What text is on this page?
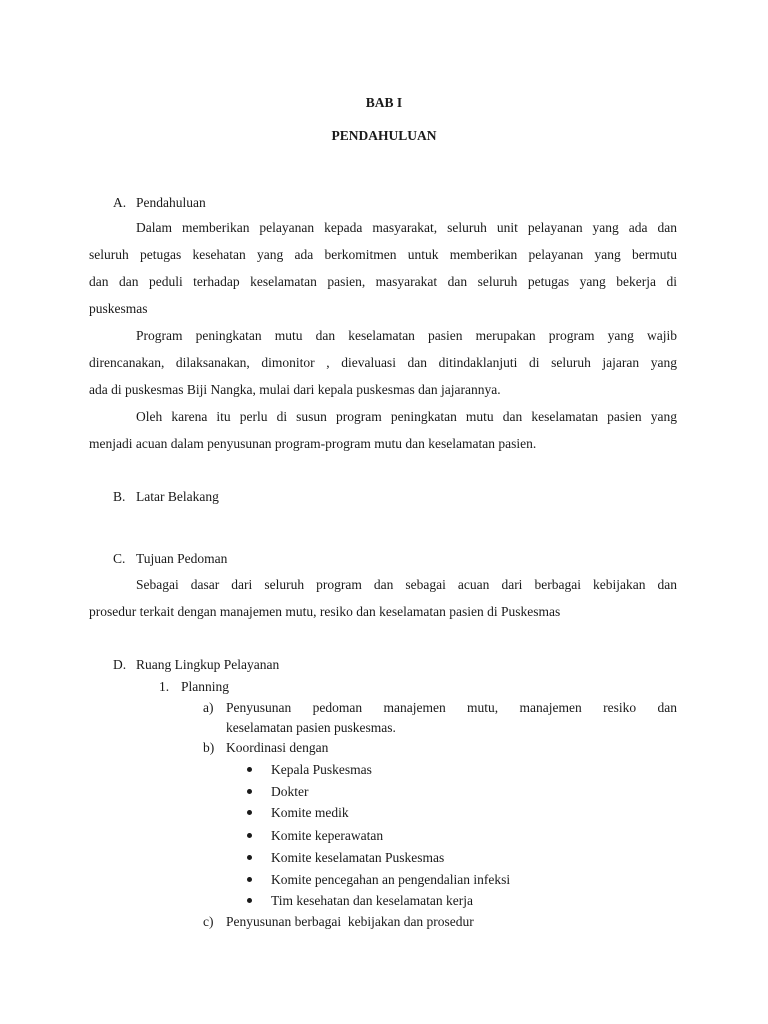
BAB I
PENDAHULUAN
A. Pendahuluan
Dalam memberikan pelayanan kepada masyarakat, seluruh unit pelayanan yang ada dan
seluruh petugas kesehatan yang ada berkomitmen untuk memberikan pelayanan yang bermutu
dan dan peduli terhadap keselamatan pasien, masyarakat dan seluruh petugas yang bekerja di
puskesmas
Program peningkatan mutu dan keselamatan pasien merupakan program yang wajib
direncanakan, dilaksanakan, dimonitor , dievaluasi dan ditindaklanjuti di seluruh jajaran yang
ada di puskesmas Biji Nangka, mulai dari kepala puskesmas dan jajarannya.
Oleh karena itu perlu di susun program peningkatan mutu dan keselamatan pasien yang
menjadi acuan dalam penyusunan program-program mutu dan keselamatan pasien.
B. Latar Belakang
C. Tujuan Pedoman
Sebagai dasar dari seluruh program dan sebagai acuan dari berbagai kebijakan dan
prosedur terkait dengan manajemen mutu, resiko dan keselamatan pasien di Puskesmas
D. Ruang Lingkup Pelayanan
1. Planning
a) Penyusunan pedoman manajemen mutu, manajemen resiko dan
keselamatan pasien puskesmas.
b) Koordinasi dengan
Kepala Puskesmas
Dokter
Komite medik
Komite keperawatan
Komite keselamatan Puskesmas
Komite pencegahan an pengendalian infeksi
Tim kesehatan dan keselamatan kerja
c) Penyusunan berbagai  kebijakan dan prosedur
